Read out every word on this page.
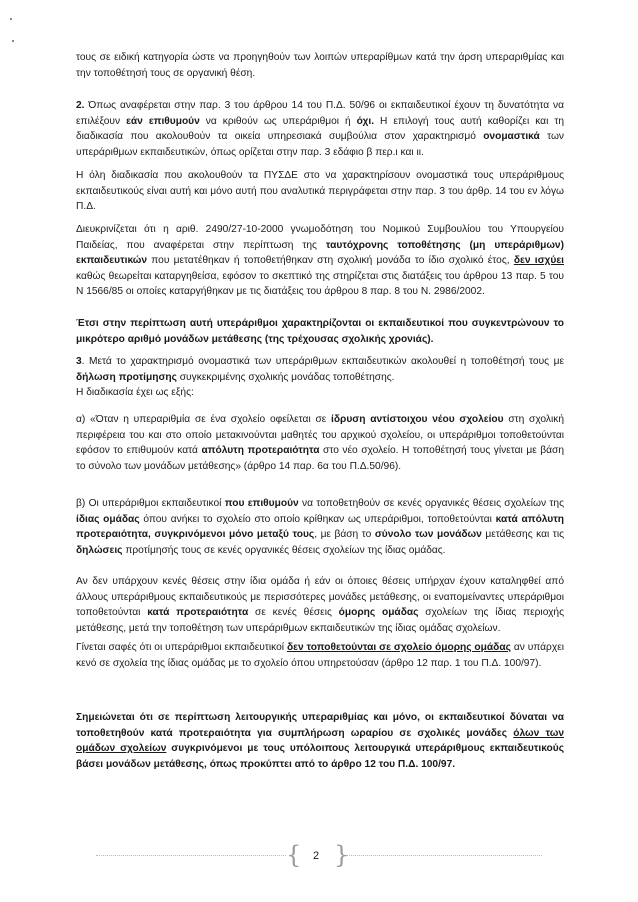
τους σε ειδική κατηγορία ώστε να προηγηθούν των λοιπών υπεραρίθμων κατά την άρση υπεραριθμίας και την τοποθέτησή τους σε οργανική θέση.

2. Όπως αναφέρεται στην παρ. 3 του άρθρου 14 του Π.Δ. 50/96 οι εκπαιδευτικοί έχουν τη δυνατότητα να επιλέξουν εάν επιθυμούν να κριθούν ως υπεράριθμοι ή όχι. Η επιλογή τους αυτή καθορίζει και τη διαδικασία που ακολουθούν τα οικεία υπηρεσιακά συμβούλια στον χαρακτηρισμό ονομαστικά των υπεράριθμων εκπαιδευτικών, όπως ορίζεται στην παρ. 3 εδάφιο β περ.ι και ιι.

Η όλη διαδικασία που ακολουθούν τα ΠΥΣΔΕ στο να χαρακτηρίσουν ονομαστικά τους υπεράριθμους εκπαιδευτικούς είναι αυτή και μόνο αυτή που αναλυτικά περιγράφεται στην παρ. 3 του άρθρ. 14 του εν λόγω Π.Δ.

Διευκρινίζεται ότι η αριθ. 2490/27-10-2000 γνωμοδότηση του Νομικού Συμβουλίου του Υπουργείου Παιδείας, που αναφέρεται στην περίπτωση της ταυτόχρονης τοποθέτησης (μη υπεράριθμων) εκπαιδευτικών που μετατέθηκαν ή τοποθετήθηκαν στη σχολική μονάδα το ίδιο σχολικό έτος, δεν ισχύει καθώς θεωρείται καταργηθείσα, εφόσον το σκεπτικό της στηρίζεται στις διατάξεις του άρθρου 13 παρ. 5 του Ν 1566/85 οι οποίες καταργήθηκαν με τις διατάξεις του άρθρου 8 παρ. 8 του Ν. 2986/2002.

Έτσι στην περίπτωση αυτή υπεράριθμοι χαρακτηρίζονται οι εκπαιδευτικοί που συγκεντρώνουν το μικρότερο αριθμό μονάδων μετάθεσης (της τρέχουσας σχολικής χρονιάς).

3. Μετά το χαρακτηρισμό ονομαστικά των υπεράριθμων εκπαιδευτικών ακολουθεί η τοποθέτησή τους με δήλωση προτίμησης συγκεκριμένης σχολικής μονάδας τοποθέτησης.
Η διαδικασία έχει ως εξής:

α) «Όταν η υπεραριθμία σε ένα σχολείο οφείλεται σε ίδρυση αντίστοιχου νέου σχολείου στη σχολική περιφέρεια του και στο οποίο μετακινούνται μαθητές του αρχικού σχολείου, οι υπεράριθμοι τοποθετούνται εφόσον το επιθυμούν κατά απόλυτη προτεραιότητα στο νέο σχολείο. Η τοποθέτησή τους γίνεται με βάση το σύνολο των μονάδων μετάθεσης» (άρθρο 14 παρ. 6α του Π.Δ.50/96).

β) Οι υπεράριθμοι εκπαιδευτικοί που επιθυμούν να τοποθετηθούν σε κενές οργανικές θέσεις σχολείων της ίδιας ομάδας όπου ανήκει το σχολείο στο οποίο κρίθηκαν ως υπεράριθμοι, τοποθετούνται κατά απόλυτη προτεραιότητα, συγκρινόμενοι μόνο μεταξύ τους, με βάση το σύνολο των μονάδων μετάθεσης και τις δηλώσεις προτίμησής τους σε κενές οργανικές θέσεις σχολείων της ίδιας ομάδας.

Αν δεν υπάρχουν κενές θέσεις στην ίδια ομάδα ή εάν οι όποιες θέσεις υπήρχαν έχουν καταληφθεί από άλλους υπεράριθμους εκπαιδευτικούς με περισσότερες μονάδες μετάθεσης, οι εναπομείναντες υπεράριθμοι τοποθετούνται κατά προτεραιότητα σε κενές θέσεις όμορης ομάδας σχολείων της ίδιας περιοχής μετάθεσης, μετά την τοποθέτηση των υπεράριθμων εκπαιδευτικών της ίδιας ομάδας σχολείων.

Γίνεται σαφές ότι οι υπεράριθμοι εκπαιδευτικοί δεν τοποθετούνται σε σχολείο όμορης ομάδας αν υπάρχει κενό σε σχολεία της ίδιας ομάδας με το σχολείο όπου υπηρετούσαν (άρθρο 12 παρ. 1 του Π.Δ. 100/97).

Σημειώνεται ότι σε περίπτωση λειτουργικής υπεραριθμίας και μόνο, οι εκπαιδευτικοί δύναται να τοποθετηθούν κατά προτεραιότητα για συμπλήρωση ωραρίου σε σχολικές μονάδες όλων των ομάδων σχολείων συγκρινόμενοι με τους υπόλοιπους λειτουργικά υπεράριθμους εκπαιδευτικούς βάσει μονάδων μετάθεσης, όπως προκύπτει από το άρθρο 12 του Π.Δ. 100/97.

{ }
2
